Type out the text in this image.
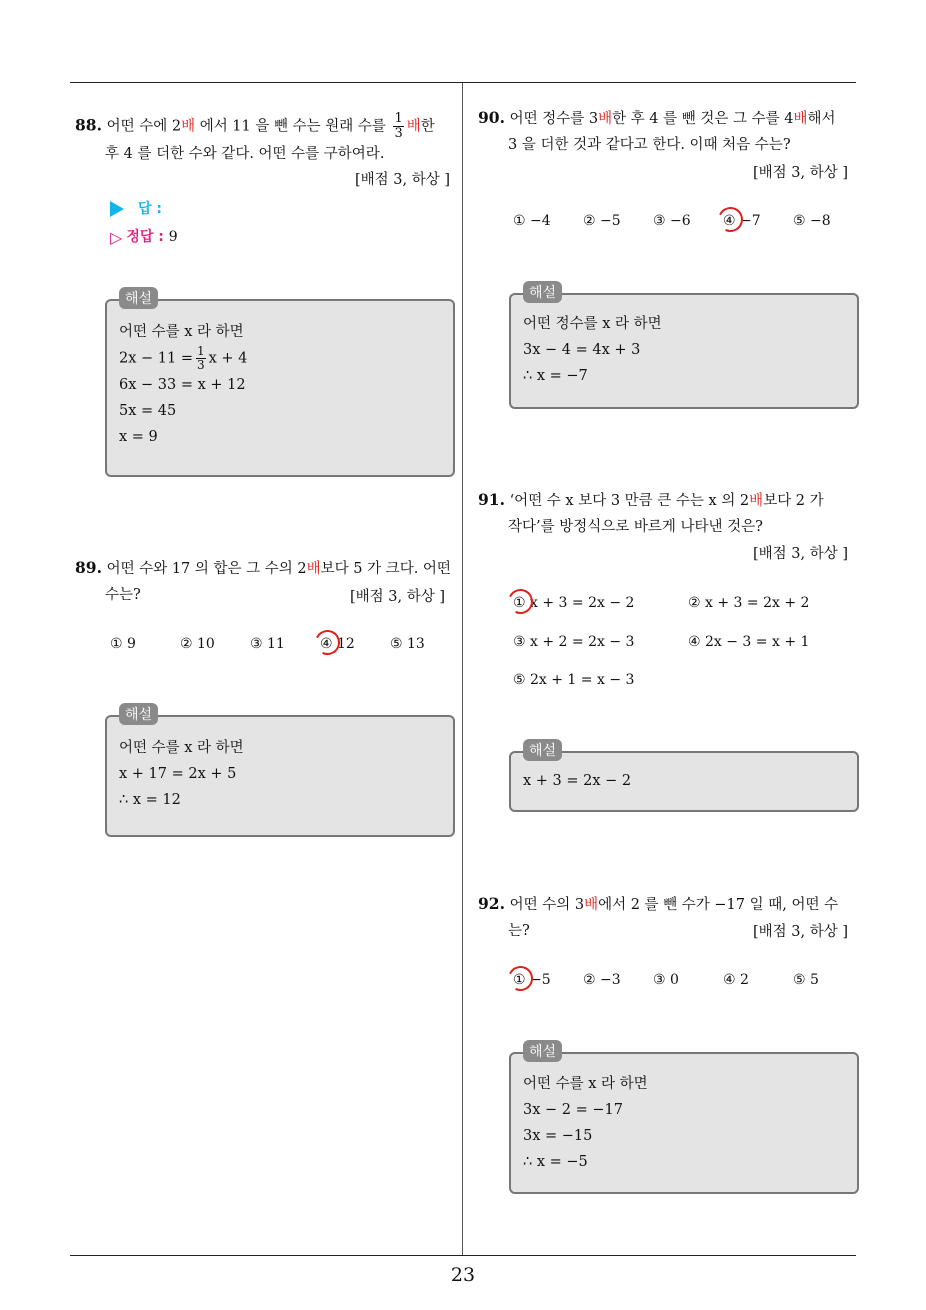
23
88. 어떤 수에 2배 에서 11 을 뺀 수는 원래 수를 $\frac{1}{3}$ 배한
후 4 를 더한 수와 같다. 어떤 수를 구하여라.
[배점 3, 하상 ]
답 :
▷ 정답 : 9
해설
어떤 수를 x 라 하면
$2x - 11 = \frac{1}{3}$ x + 4
6x − 33 = x + 12
5x = 45
x = 9
89. 어떤 수와 17 의 합은 그 수의 2배보다 5 가 크다. 어떤
수는?	[배점 3, 하상 ]
① 9	② 10	③ 11	④ 12	⑤ 13
해설
어떤 수를 x 라 하면
x + 17 = 2x + 5
∴ x = 12
90. 어떤 정수를 3배한 후 4 를 뺀 것은 그 수를 4배해서
3 을 더한 것과 같다고 한다. 이때 처음 수는?
[배점 3, 하상 ]
① −4 ② −5 ③ −6 ④ −7 ⑤ −8
해설
어떤 정수를 x 라 하면
3x − 4 = 4x + 3
∴ x = −7
91. ‘어떤 수 x 보다 3 만큼 큰 수는 x 의 2배보다 2 가
작다’를 방정식으로 바르게 나타낸 것은?
[배점 3, 하상 ]
① x + 3 = 2x − 2	② x + 3 = 2x + 2
③ x + 2 = 2x − 3	④ 2x − 3 = x + 1
⑤ 2x + 1 = x − 3
해설
x + 3 = 2x − 2
92. 어떤 수의 3배에서 2 를 뺀 수가 −17 일 때, 어떤 수
는?	[배점 3, 하상 ]
① −5 ② −3 ③ 0	④ 2	⑤ 5
해설
어떤 수를 x 라 하면
3x − 2 = −17
3x = −15
∴ x = −5
